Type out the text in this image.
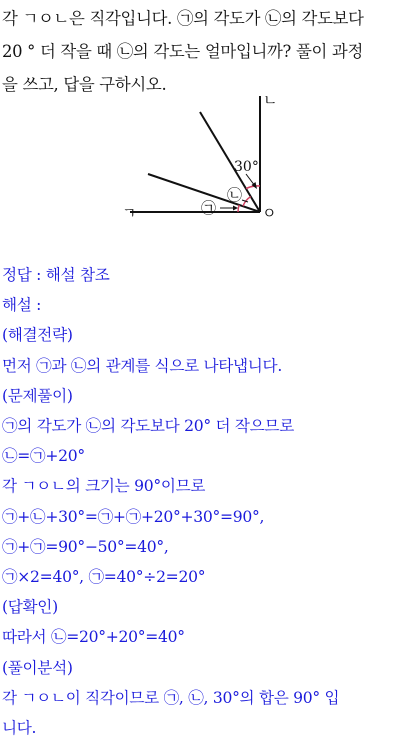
각 ㄱㅇㄴ은 직각입니다. ㉠의 각도가 ㉡의 각도보다

20 ° 더 작을 때 ㉡의 각도는 얼마입니까? 풀이 과정

을 쓰고, 답을 구하시오.

ㄱ	ㅇ
ㄴ
30°
㉠
㉡

정답 : 해설 참조

해설 :

(해결전략)

먼저 ㉠과 ㉡의 관계를 식으로 나타냅니다.

(문제풀이)

㉠의 각도가 ㉡의 각도보다 20° 더 작으므로

㉡=㉠+20°

각 ㄱㅇㄴ의 크기는 90°이므로

㉠+㉡+30°=㉠+㉠+20°+30°=90°,

㉠+㉠=90°−50°=40°,

㉠×2=40°, ㉠=40°÷2=20°

(답확인)

따라서 ㉡=20°+20°=40°

(풀이분석)

각 ㄱㅇㄴ이 직각이므로 ㉠, ㉡, 30°의 합은 90° 입

니다.
